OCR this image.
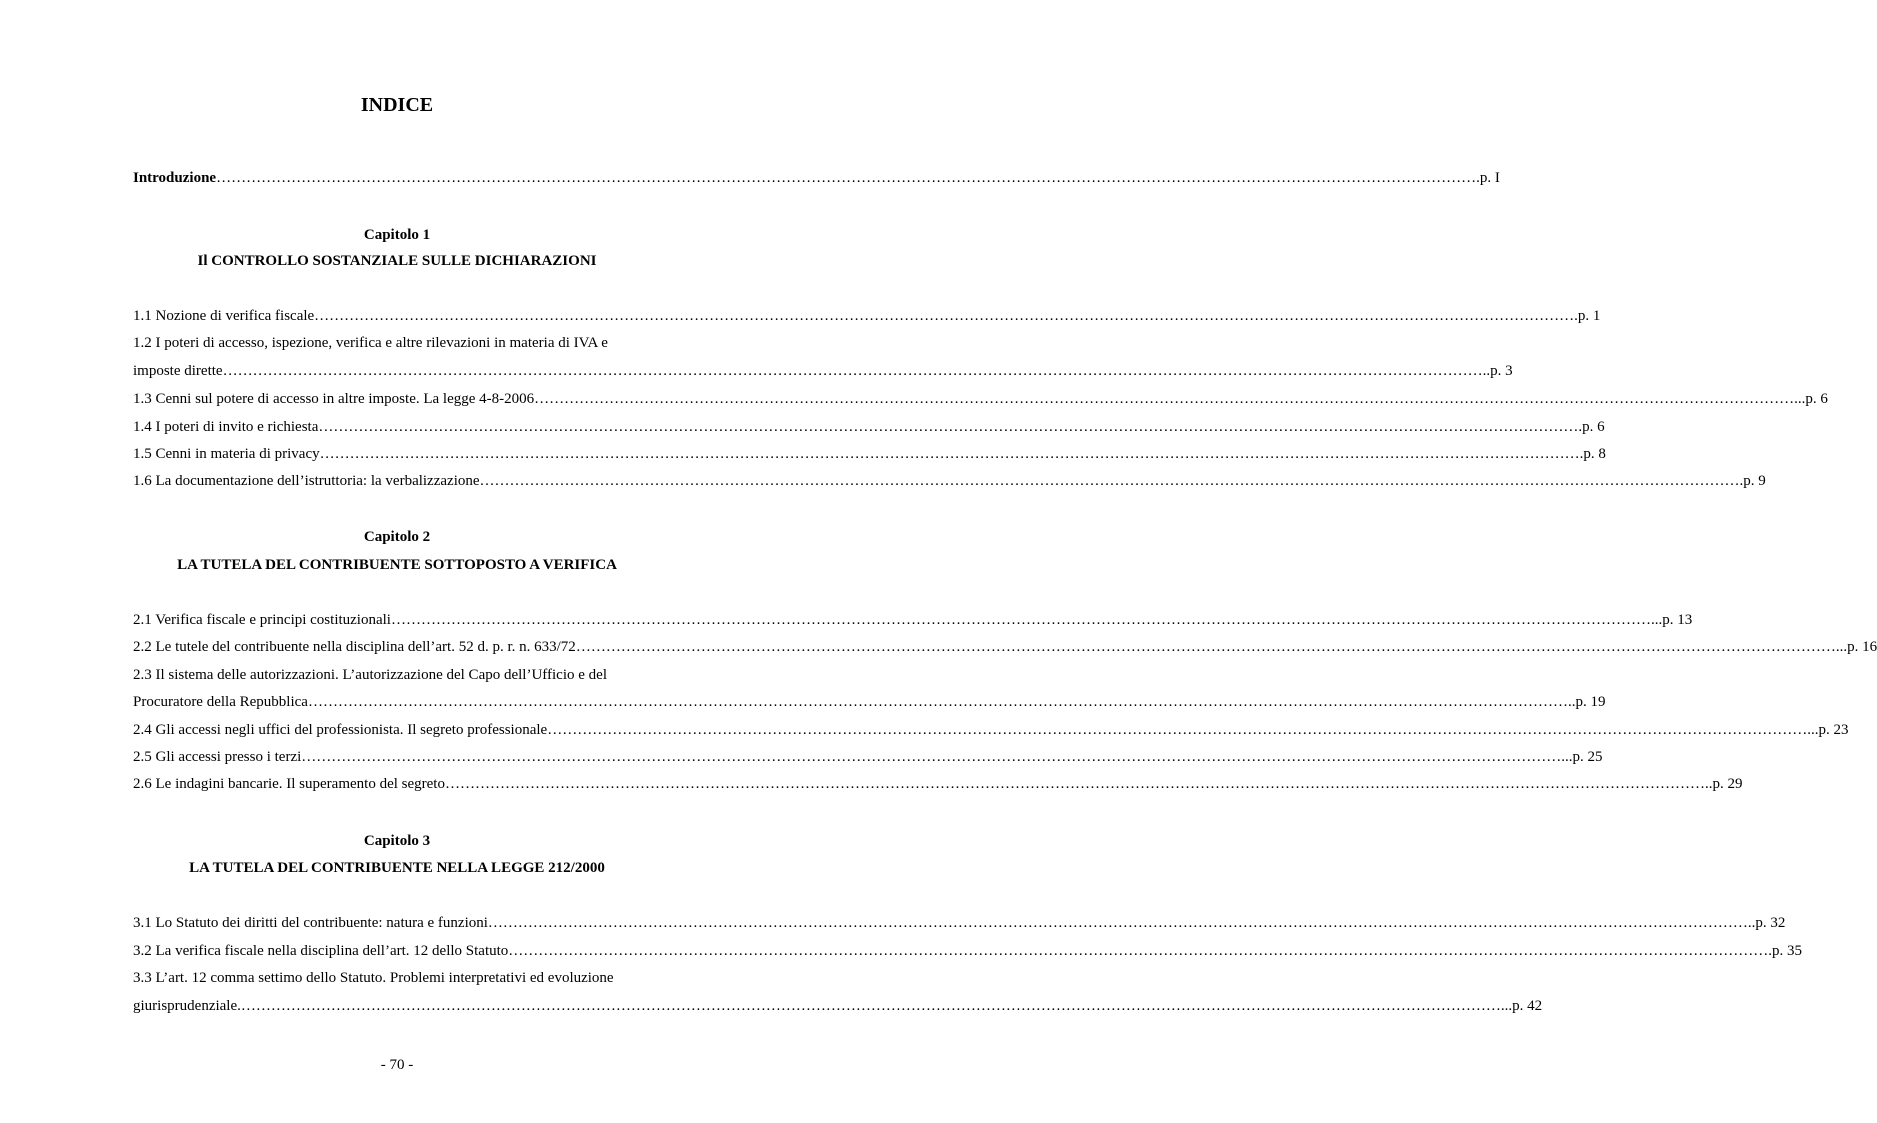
INDICE
Introduzione ……………………………………………………………………………………………………………………………………………………………………………………………………………………………… .p. I
Capitolo 1
Il CONTROLLO SOSTANZIALE SULLE DICHIARAZIONI
1.1 Nozione di verifica fiscale ……………………………………………………………………………………………………………………………………………………………………………………………………………………………… .p. 1
1.2 I poteri di accesso, ispezione, verifica e altre rilevazioni in materia di IVA e
imposte dirette ……………………………………………………………………………………………………………………………………………………………………………………………………………………………… ..p. 3
1.3 Cenni sul potere di accesso in altre imposte. La legge 4-8-2006 ……………………………………………………………………………………………………………………………………………………………………………………………………………………………… ...p. 6
1.4 I poteri di invito e richiesta ……………………………………………………………………………………………………………………………………………………………………………………………………………………………… .p. 6
1.5 Cenni in materia di privacy ……………………………………………………………………………………………………………………………………………………………………………………………………………………………… .p. 8
1.6 La documentazione dell’istruttoria: la verbalizzazione ……………………………………………………………………………………………………………………………………………………………………………………………………………………………… .p. 9
Capitolo 2
LA TUTELA DEL CONTRIBUENTE SOTTOPOSTO A VERIFICA
2.1 Verifica fiscale e principi costituzionali ……………………………………………………………………………………………………………………………………………………………………………………………………………………………… ...p. 13
2.2 Le tutele del contribuente nella disciplina dell’art. 52 d. p. r. n. 633/72 ……………………………………………………………………………………………………………………………………………………………………………………………………………………………… ...p. 16
2.3 Il sistema delle autorizzazioni. L’autorizzazione del Capo dell’Ufficio e del
Procuratore della Repubblica ……………………………………………………………………………………………………………………………………………………………………………………………………………………………… ..p. 19
2.4 Gli accessi negli uffici del professionista. Il segreto professionale ……………………………………………………………………………………………………………………………………………………………………………………………………………………………… ...p. 23
2.5 Gli accessi presso i terzi ……………………………………………………………………………………………………………………………………………………………………………………………………………………………… ...p. 25
2.6 Le indagini bancarie. Il superamento del segreto ……………………………………………………………………………………………………………………………………………………………………………………………………………………………… ..p. 29
Capitolo 3
LA TUTELA DEL CONTRIBUENTE NELLA LEGGE 212/2000
3.1 Lo Statuto dei diritti del contribuente: natura e funzioni ……………………………………………………………………………………………………………………………………………………………………………………………………………………………… ..p. 32
3.2 La verifica fiscale nella disciplina dell’art. 12 dello Statuto ……………………………………………………………………………………………………………………………………………………………………………………………………………………………… .p. 35
3.3 L’art. 12 comma settimo dello Statuto. Problemi interpretativi ed evoluzione
giurisprudenziale. ……………………………………………………………………………………………………………………………………………………………………………………………………………………………… ...p. 42
- 70 -
